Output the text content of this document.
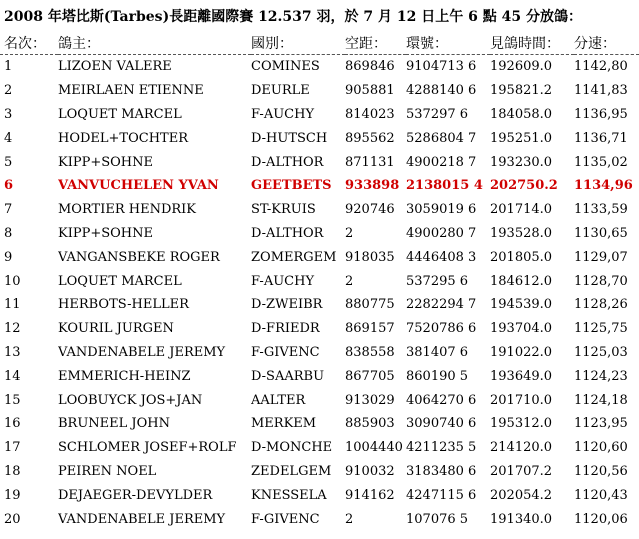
2008 年塔比斯(Tarbes)長距離國際賽 12.537 羽，於 7 月 12 日上午 6 點 45 分放鴿：
名次：	鴿主：	國別：	空距：	環號：	見鴿時間：	分速：
1	LIZOEN VALERE	COMINES	869846	9104713 6	192609.0	1142,80
2	MEIRLAEN ETIENNE	DEURLE	905881	4288140 6	195821.2	1141,83
3	LOQUET MARCEL	F-AUCHY	814023	537297 6	184058.0	1136,95
4	HODEL+TOCHTER	D-HUTSCH	895562	5286804 7	195251.0	1136,71
5	KIPP+SOHNE	D-ALTHOR	871131	4900218 7	193230.0	1135,02
6	VANVUCHELEN YVAN	GEETBETS	933898	2138015 4	202750.2	1134,96
7	MORTIER HENDRIK	ST-KRUIS	920746	3059019 6	201714.0	1133,59
8	KIPP+SOHNE	D-ALTHOR	2	4900280 7	193528.0	1130,65
9	VANGANSBEKE ROGER	ZOMERGEM	918035	4446408 3	201805.0	1129,07
10	LOQUET MARCEL	F-AUCHY	2	537295 6	184612.0	1128,70
11	HERBOTS-HELLER	D-ZWEIBR	880775	2282294 7	194539.0	1128,26
12	KOURIL JURGEN	D-FRIEDR	869157	7520786 6	193704.0	1125,75
13	VANDENABELE JEREMY	F-GIVENC	838558	381407 6	191022.0	1125,03
14	EMMERICH-HEINZ	D-SAARBU	867705	860190 5	193649.0	1124,23
15	LOOBUYCK JOS+JAN	AALTER	913029	4064270 6	201710.0	1124,18
16	BRUNEEL JOHN	MERKEM	885903	3090740 6	195312.0	1123,95
17	SCHLOMER JOSEF+ROLF	D-MONCHE	1004440	4211235 5	214120.0	1120,60
18	PEIREN NOEL	ZEDELGEM	910032	3183480 6	201707.2	1120,56
19	DEJAEGER-DEVYLDER	KNESSELA	914162	4247115 6	202054.2	1120,43
20	VANDENABELE JEREMY	F-GIVENC	2	107076 5	191340.0	1120,06
